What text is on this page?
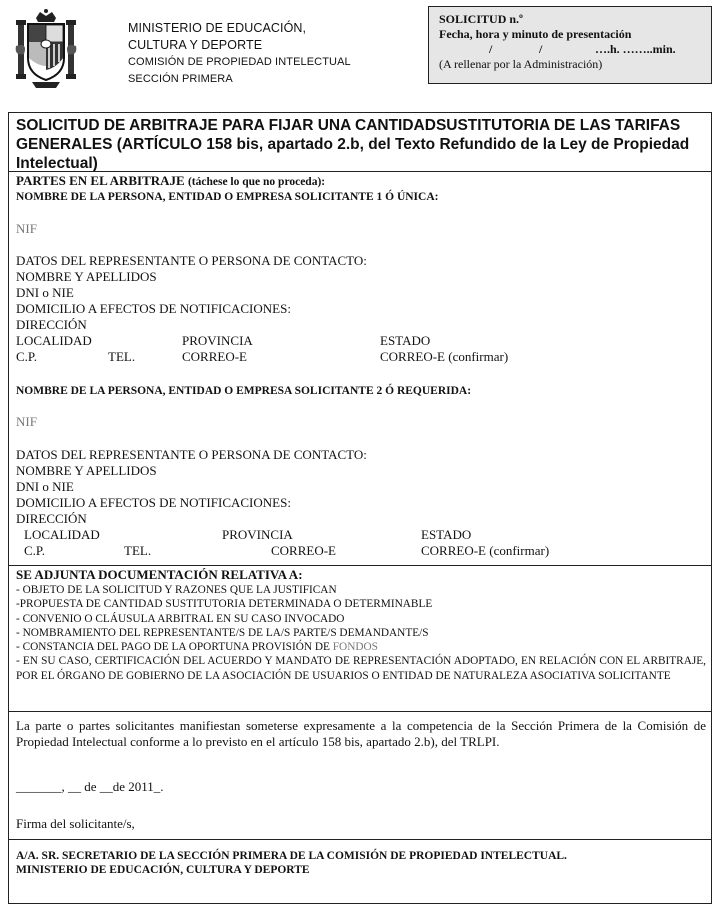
MINISTERIO DE EDUCACIÓN,
CULTURA Y DEPORTE
COMISIÓN DE PROPIEDAD INTELECTUAL
SECCIÓN PRIMERA
SOLICITUD n.º
Fecha, hora y minuto de presentación
/	/	….h. ……..min.
(A rellenar por la Administración)
SOLICITUD DE ARBITRAJE PARA FIJAR UNA CANTIDADSUSTITUTORIA DE LAS TARIFAS GENERALES (ARTÍCULO 158 bis, apartado 2.b, del Texto Refundido de la Ley de Propiedad Intelectual)
PARTES EN EL ARBITRAJE (táchese lo que no proceda):
NOMBRE DE LA PERSONA, ENTIDAD O EMPRESA SOLICITANTE 1 Ó ÚNICA:
NIF
DATOS DEL REPRESENTANTE O PERSONA DE CONTACTO:
NOMBRE Y APELLIDOS
DNI o NIE
DOMICILIO A EFECTOS DE NOTIFICACIONES:
DIRECCIÓN
LOCALIDAD	PROVINCIA	ESTADO
C.P.	TEL.	CORREO-E	CORREO-E (confirmar)
NOMBRE DE LA PERSONA, ENTIDAD O EMPRESA SOLICITANTE 2 Ó REQUERIDA:
NIF
DATOS DEL REPRESENTANTE O PERSONA DE CONTACTO:
NOMBRE Y APELLIDOS
DNI o NIE
DOMICILIO A EFECTOS DE NOTIFICACIONES:
DIRECCIÓN
LOCALIDAD	PROVINCIA	ESTADO
C.P.	TEL.	CORREO-E	CORREO-E (confirmar)
SE ADJUNTA DOCUMENTACIÓN RELATIVA A:
- OBJETO DE LA SOLICITUD Y RAZONES QUE LA JUSTIFICAN
-PROPUESTA DE CANTIDAD SUSTITUTORIA DETERMINADA O DETERMINABLE
- CONVENIO O CLÁUSULA ARBITRAL EN SU CASO INVOCADO
- NOMBRAMIENTO DEL REPRESENTANTE/S DE LA/S PARTE/S DEMANDANTE/S
- CONSTANCIA DEL PAGO DE LA OPORTUNA PROVISIÓN DE FONDOS
- EN SU CASO, CERTIFICACIÓN DEL ACUERDO Y MANDATO DE REPRESENTACIÓN ADOPTADO, EN RELACIÓN CON EL ARBITRAJE, POR EL ÓRGANO DE GOBIERNO DE LA ASOCIACIÓN DE USUARIOS O ENTIDAD DE NATURALEZA ASOCIATIVA SOLICITANTE
La parte o partes solicitantes manifiestan someterse expresamente a la competencia de la Sección Primera de la Comisión de Propiedad Intelectual conforme a lo previsto en el artículo 158 bis, apartado 2.b), del TRLPI.
_______, __ de __de 2011_.
Firma del solicitante/s,
A/A. SR. SECRETARIO DE LA SECCIÓN PRIMERA DE LA COMISIÓN DE PROPIEDAD INTELECTUAL.
MINISTERIO DE EDUCACIÓN, CULTURA Y DEPORTE
